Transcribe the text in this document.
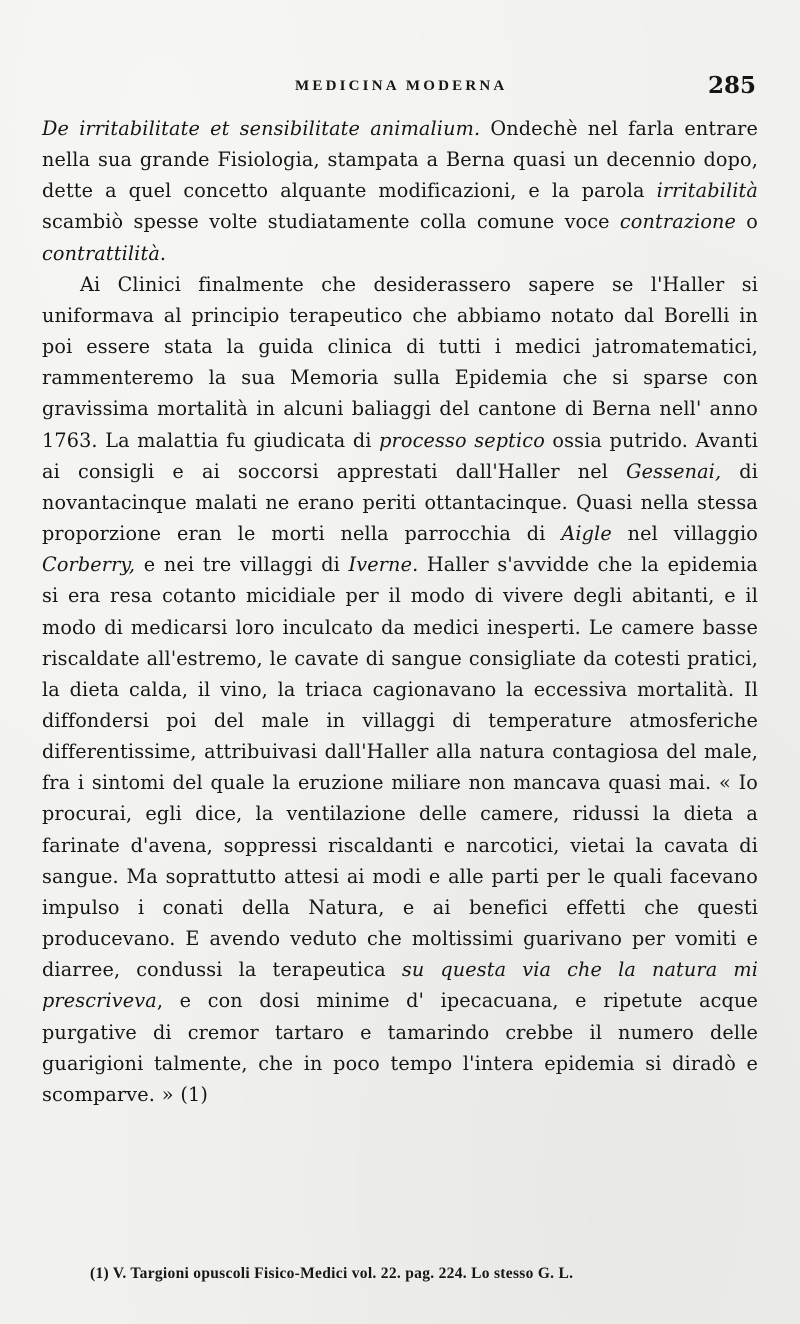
MEDICINA MODERNA	285

De irritabilitate et sensibilitate animalium. Ondechè nel farla entrare nella sua grande Fisiologia, stampata a Berna quasi un decennio dopo, dette a quel concetto alquante modificazioni, e la parola irritabilità scambiò spesse volte studiatamente colla comune voce contrazione o contrattilità.

Ai Clinici finalmente che desiderassero sapere se l'Haller si uniformava al principio terapeutico che abbiamo notato dal Borelli in poi essere stata la guida clinica di tutti i medici jatromatematici, rammenteremo la sua Memoria sulla Epidemia che si sparse con gravissima mortalità in alcuni baliaggi del cantone di Berna nell' anno 1763. La malattia fu giudicata di processo septico ossia putrido. Avanti ai consigli e ai soccorsi apprestati dall'Haller nel Gessenai, di novantacinque malati ne erano periti ottantacinque. Quasi nella stessa proporzione eran le morti nella parrocchia di Aigle nel villaggio Corberry, e nei tre villaggi di Iverne. Haller s'avvidde che la epidemia si era resa cotanto micidiale per il modo di vivere degli abitanti, e il modo di medicarsi loro inculcato da medici inesperti. Le camere basse riscaldate all'estremo, le cavate di sangue consigliate da cotesti pratici, la dieta calda, il vino, la triaca cagionavano la eccessiva mortalità. Il diffondersi poi del male in villaggi di temperature atmosferiche differentissime, attribuivasi dall'Haller alla natura contagiosa del male, fra i sintomi del quale la eruzione miliare non mancava quasi mai. « Io procurai, egli dice, la ventilazione delle camere, ridussi la dieta a farinate d'avena, soppressi riscaldanti e narcotici, vietai la cavata di sangue. Ma soprattutto attesi ai modi e alle parti per le quali facevano impulso i conati della Natura, e ai benefici effetti che questi producevano. E avendo veduto che moltissimi guarivano per vomiti e diarree, condussi la terapeutica su questa via che la natura mi prescriveva, e con dosi minime d' ipecacuana, e ripetute acque purgative di cremor tartaro e tamarindo crebbe il numero delle guarigioni talmente, che in poco tempo l'intera epidemia si diradò e scomparve. » (1)

(1) V. Targioni opuscoli Fisico-Medici vol. 22. pag. 224. Lo stesso G. L.
